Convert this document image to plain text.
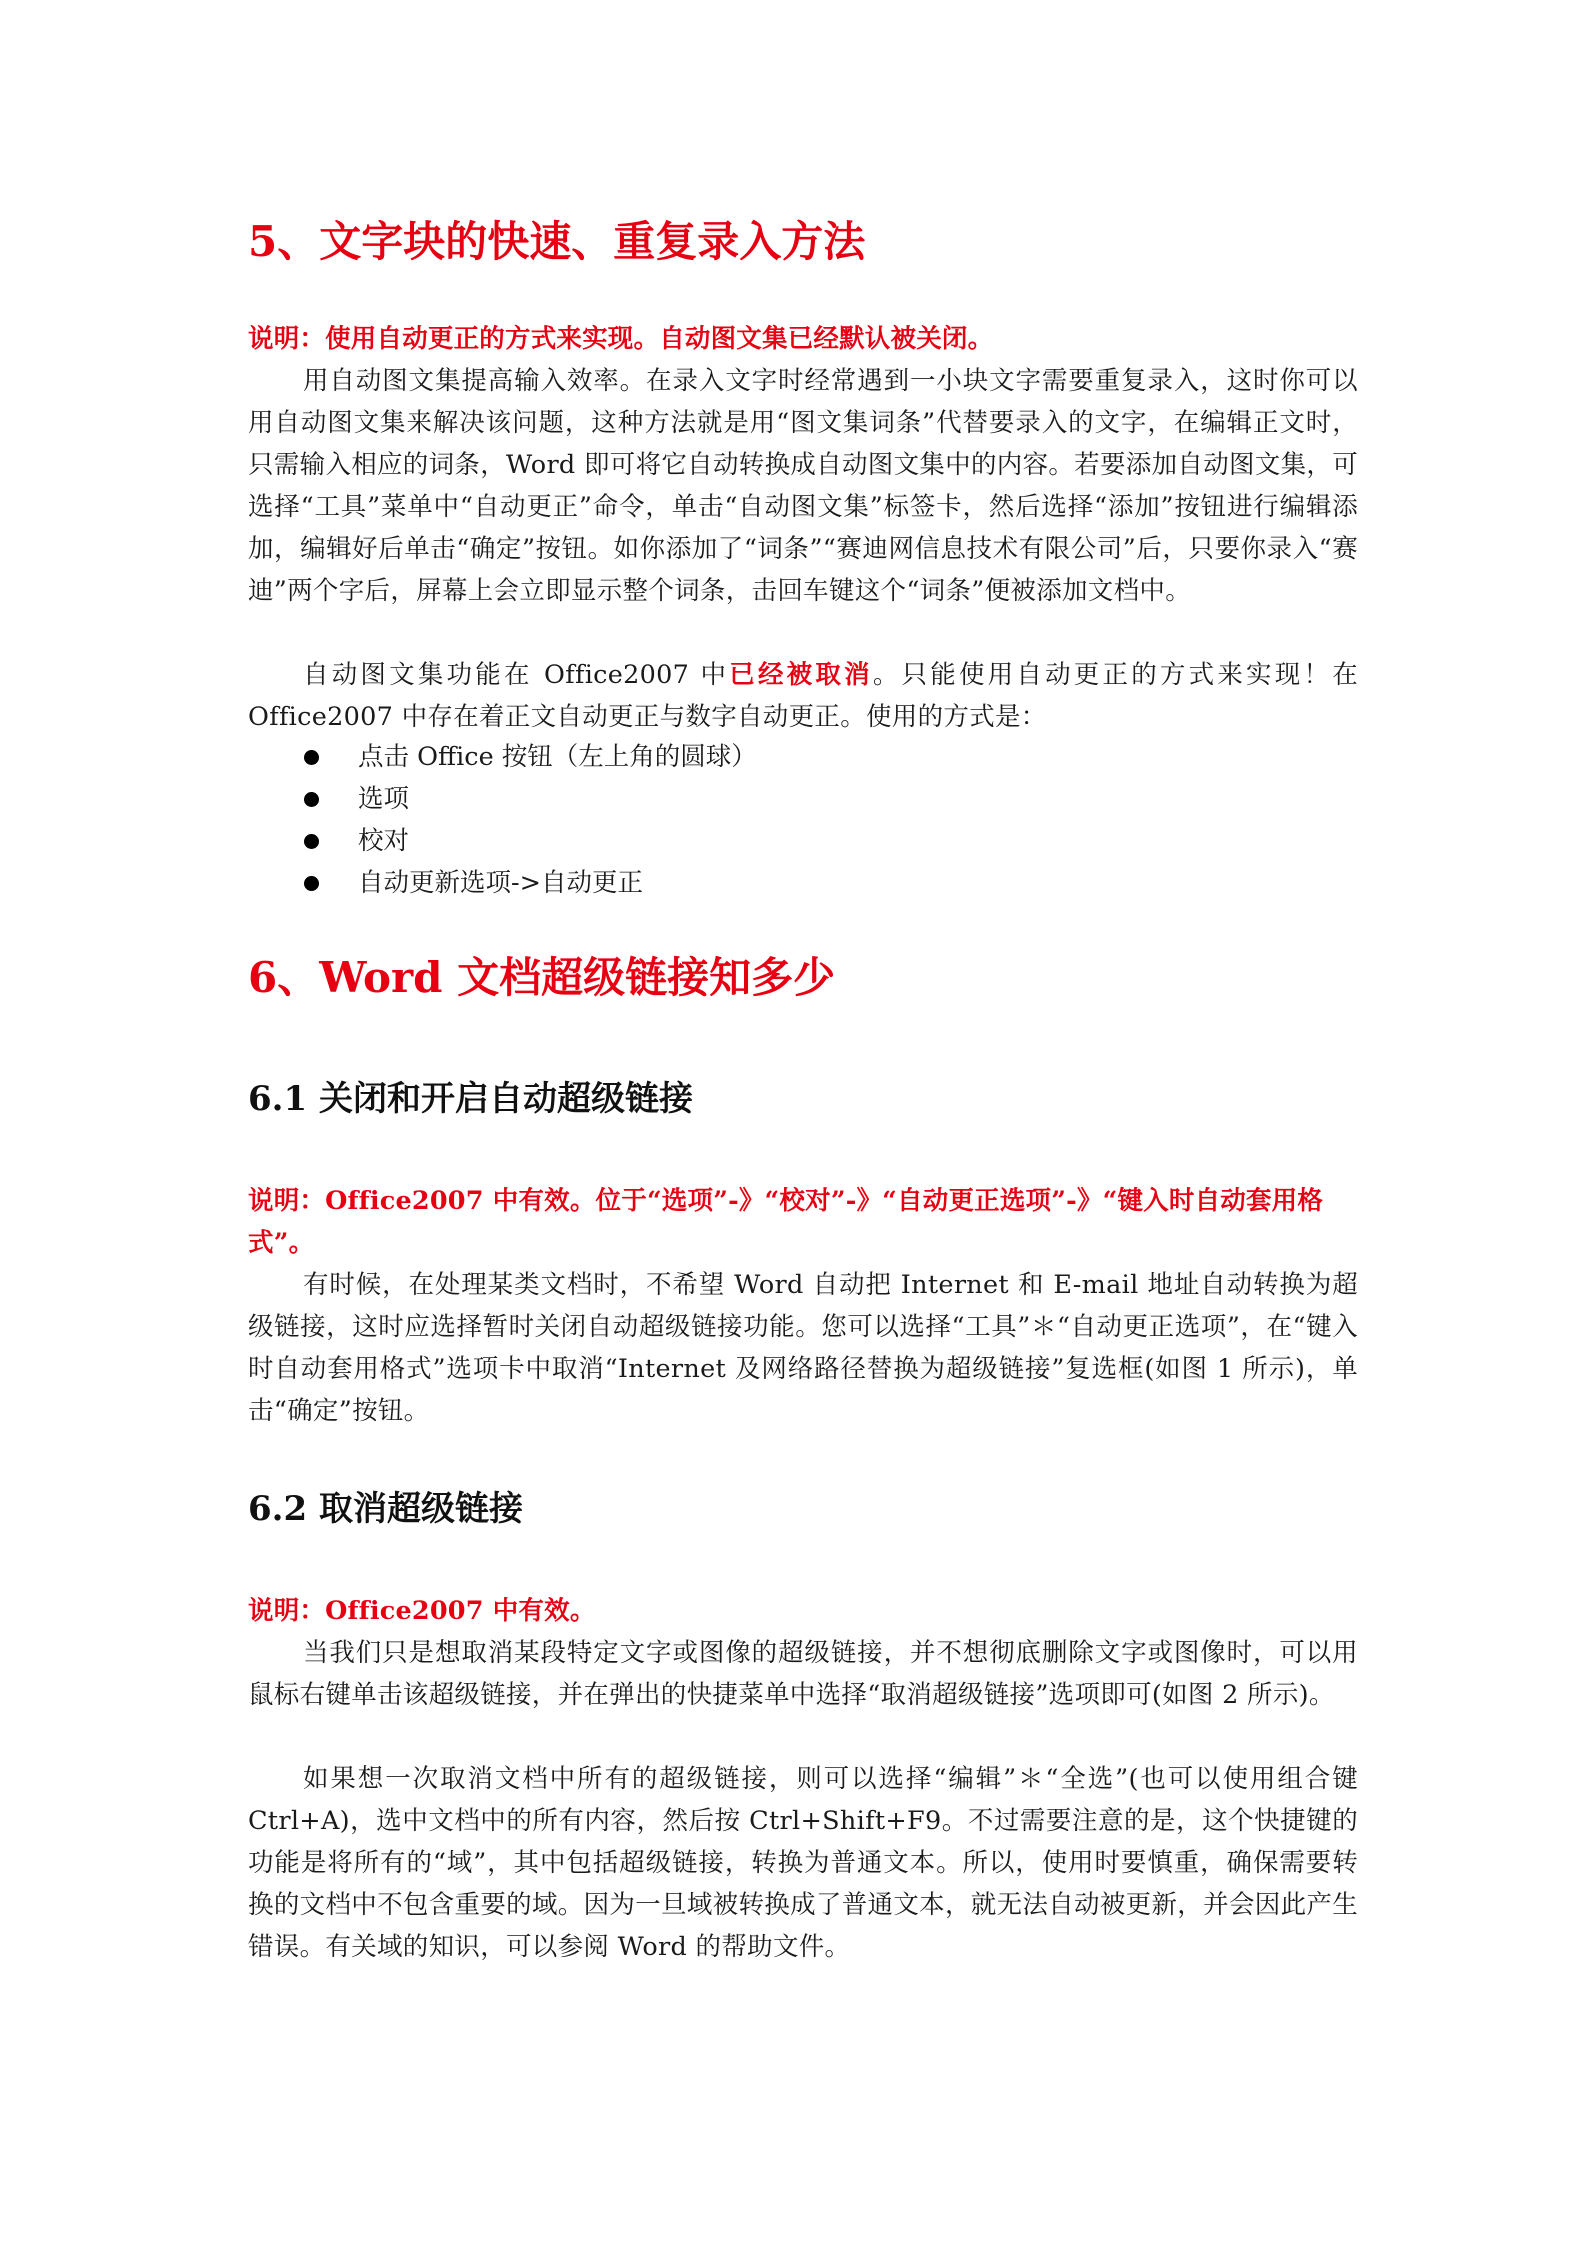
5、文字块的快速、重复录入方法

说明：使用自动更正的方式来实现。自动图文集已经默认被关闭。

用自动图文集提高输入效率。在录入文字时经常遇到一小块文字需要重复录入，这时你可以用自动图文集来解决该问题，这种方法就是用“图文集词条”代替要录入的文字，在编辑正文时，只需输入相应的词条，Word 即可将它自动转换成自动图文集中的内容。若要添加自动图文集，可选择“工具”菜单中“自动更正”命令，单击“自动图文集”标签卡，然后选择“添加”按钮进行编辑添加，编辑好后单击“确定”按钮。如你添加了“词条”“赛迪网信息技术有限公司”后，只要你录入“赛迪”两个字后，屏幕上会立即显示整个词条，击回车键这个“词条”便被添加文档中。

自动图文集功能在 Office2007 中已经被取消。只能使用自动更正的方式来实现！在 Office2007 中存在着正文自动更正与数字自动更正。使用的方式是：

点击 Office 按钮（左上角的圆球）
选项
校对
自动更新选项->自动更正
6、Word 文档超级链接知多少
6.1 关闭和开启自动超级链接

说明：Office2007 中有效。位于“选项”-》“校对”-》“自动更正选项”-》“键入时自动套用格式”。

有时候，在处理某类文档时，不希望 Word 自动把 Internet 和 E-mail 地址自动转换为超级链接，这时应选择暂时关闭自动超级链接功能。您可以选择“工具”＊“自动更正选项”，在“键入时自动套用格式”选项卡中取消“Internet 及网络路径替换为超级链接”复选框(如图 1 所示)，单击“确定”按钮。

6.2 取消超级链接

说明：Office2007 中有效。

当我们只是想取消某段特定文字或图像的超级链接，并不想彻底删除文字或图像时，可以用鼠标右键单击该超级链接，并在弹出的快捷菜单中选择“取消超级链接”选项即可(如图 2 所示)。

如果想一次取消文档中所有的超级链接，则可以选择“编辑”＊“全选”(也可以使用组合键 Ctrl+A)，选中文档中的所有内容，然后按 Ctrl+Shift+F9。不过需要注意的是，这个快捷键的功能是将所有的“域”，其中包括超级链接，转换为普通文本。所以，使用时要慎重，确保需要转换的文档中不包含重要的域。因为一旦域被转换成了普通文本，就无法自动被更新，并会因此产生错误。有关域的知识，可以参阅 Word 的帮助文件。
